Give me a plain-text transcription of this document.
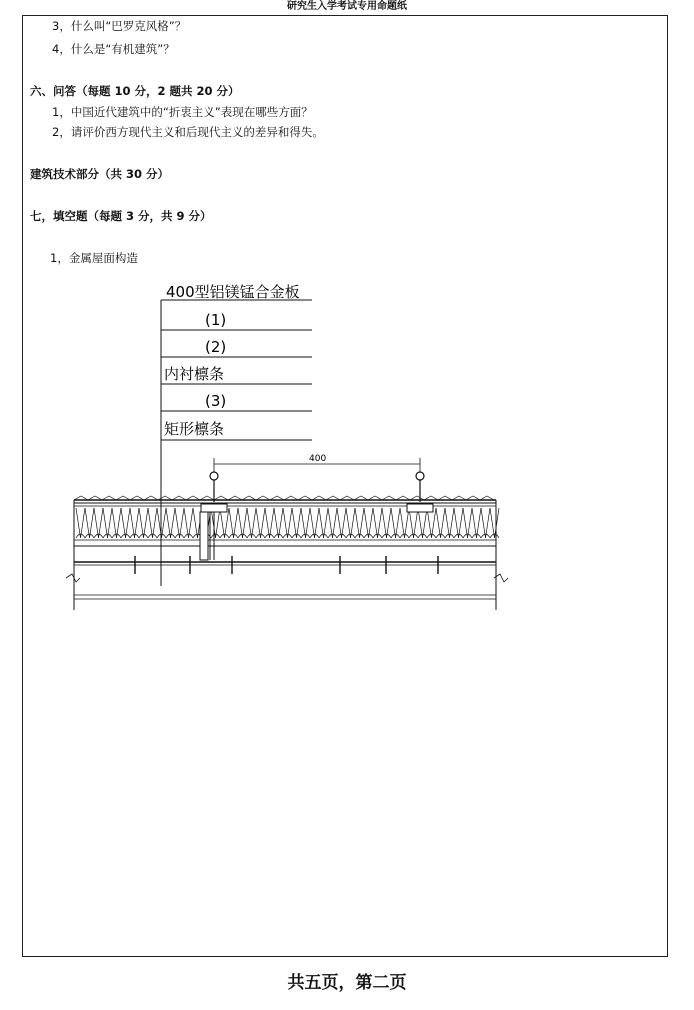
研究生入学考试专用命题纸
3，什么叫“巴罗克风格”？
4，什么是“有机建筑”？
六、问答（每题 10 分，2 题共 20 分）
1，中国近代建筑中的“折衷主义”表现在哪些方面？
2，请评价西方现代主义和后现代主义的差异和得失。
建筑技术部分（共 30 分）
七，填空题（每题 3 分，共 9 分）
1，金属屋面构造
400型铝镁锰合金板
(1)
(2)
内衬檩条
(3)
矩形檩条
400
共五页，第二页
